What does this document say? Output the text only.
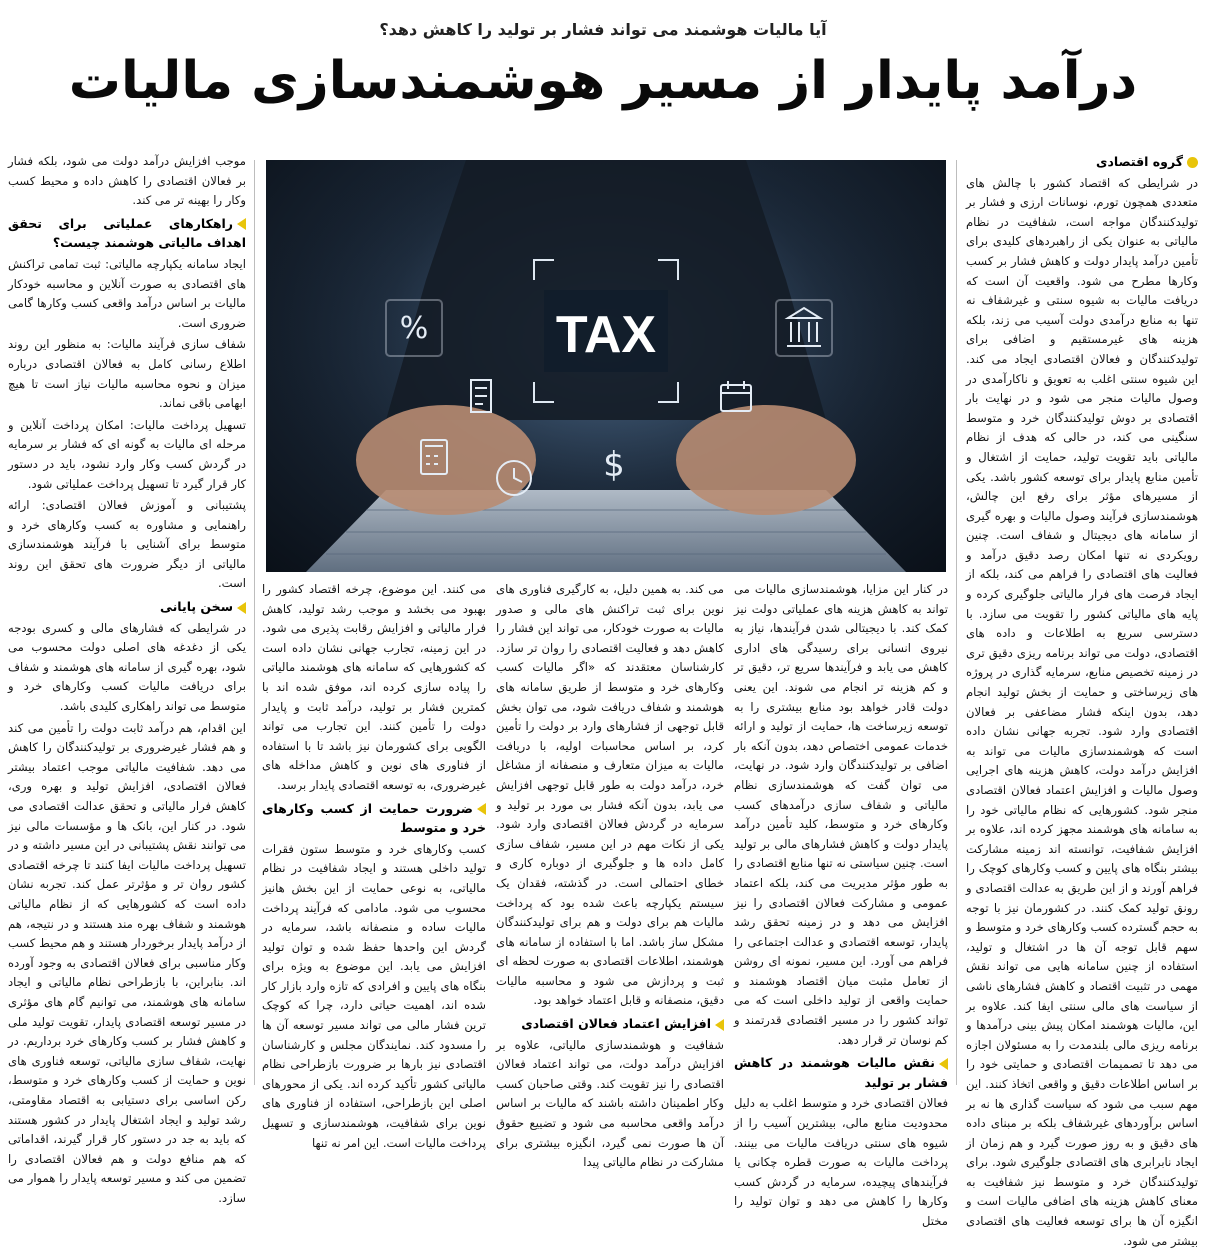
آیا مالیات هوشمند می تواند فشار بر تولید را کاهش دهد؟
درآمد پایدار از مسیر هوشمندسازی مالیات
گروه اقتصادی

در شرایطی که اقتصاد کشور با چالش های متعددی همچون تورم، نوسانات ارزی و فشار بر تولیدکنندگان مواجه است، شفافیت در نظام مالیاتی به عنوان یکی از راهبردهای کلیدی برای تأمین درآمد پایدار دولت و کاهش فشار بر کسب وکارها مطرح می شود. واقعیت آن است که دریافت مالیات به شیوه سنتی و غیرشفاف نه تنها به منابع درآمدی دولت آسیب می زند، بلکه هزینه های غیرمستقیم و اضافی برای تولیدکنندگان و فعالان اقتصادی ایجاد می کند. این شیوه سنتی اغلب به تعویق و ناکارآمدی در وصول مالیات منجر می شود و در نهایت بار اقتصادی بر دوش تولیدکنندگان خرد و متوسط سنگینی می کند، در حالی که هدف از نظام مالیاتی باید تقویت تولید، حمایت از اشتغال و تأمین منابع پایدار برای توسعه کشور باشد. یکی از مسیرهای مؤثر برای رفع این چالش، هوشمندسازی فرآیند وصول مالیات و بهره گیری از سامانه های دیجیتال و شفاف است. چنین رویکردی نه تنها امکان رصد دقیق درآمد و فعالیت های اقتصادی را فراهم می کند، بلکه از ایجاد فرصت های فرار مالیاتی جلوگیری کرده و پایه های مالیاتی کشور را تقویت می سازد. با دسترسی سریع به اطلاعات و داده های اقتصادی، دولت می تواند برنامه ریزی دقیق تری در زمینه تخصیص منابع، سرمایه گذاری در پروژه های زیرساختی و حمایت از بخش تولید انجام دهد، بدون اینکه فشار مضاعفی بر فعالان اقتصادی وارد شود. تجربه جهانی نشان داده است که هوشمندسازی مالیات می تواند به افزایش درآمد دولت، کاهش هزینه های اجرایی وصول مالیات و افزایش اعتماد فعالان اقتصادی منجر شود. کشورهایی که نظام مالیاتی خود را به سامانه های هوشمند مجهز کرده اند، علاوه بر افزایش شفافیت، توانسته اند زمینه مشارکت بیشتر بنگاه های پایین و کسب وکارهای کوچک را فراهم آورند و از این طریق به عدالت اقتصادی و رونق تولید کمک کنند. در کشورمان نیز با توجه به حجم گسترده کسب وکارهای خرد و متوسط و سهم قابل توجه آن ها در اشتغال و تولید، استفاده از چنین سامانه هایی می تواند نقش مهمی در تثبیت اقتصاد و کاهش فشارهای ناشی از سیاست های مالی سنتی ایفا کند. علاوه بر این، مالیات هوشمند امکان پیش بینی درآمدها و برنامه ریزی مالی بلندمدت را به مسئولان اجازه می دهد تا تصمیمات اقتصادی و حمایتی خود را بر اساس اطلاعات دقیق و واقعی اتخاذ کنند. این مهم سبب می شود که سیاست گذاری ها نه بر اساس برآوردهای غیرشفاف بلکه بر مبنای داده های دقیق و به روز صورت گیرد و هم زمان از ایجاد نابرابری های اقتصادی جلوگیری شود. برای تولیدکنندگان خرد و متوسط نیز شفافیت به معنای کاهش هزینه های اضافی مالیات است و انگیزه آن ها برای توسعه فعالیت های اقتصادی بیشتر می شود.

TAX
%
$

در کنار این مزایا، هوشمندسازی مالیات می تواند به کاهش هزینه های عملیاتی دولت نیز کمک کند. با دیجیتالی شدن فرآیندها، نیاز به نیروی انسانی برای رسیدگی های اداری کاهش می یابد و فرآیندها سریع تر، دقیق تر و کم هزینه تر انجام می شوند. این یعنی دولت قادر خواهد بود منابع بیشتری را به توسعه زیرساخت ها، حمایت از تولید و ارائه خدمات عمومی اختصاص دهد، بدون آنکه بار اضافی بر تولیدکنندگان وارد شود. در نهایت، می توان گفت که هوشمندسازی نظام مالیاتی و شفاف سازی درآمدهای کسب وکارهای خرد و متوسط، کلید تأمین درآمد پایدار دولت و کاهش فشارهای مالی بر تولید است. چنین سیاستی نه تنها منابع اقتصادی را به طور مؤثر مدیریت می کند، بلکه اعتماد عمومی و مشارکت فعالان اقتصادی را نیز افزایش می دهد و در زمینه تحقق رشد پایدار، توسعه اقتصادی و عدالت اجتماعی را فراهم می آورد. این مسیر، نمونه ای روشن از تعامل مثبت میان اقتصاد هوشمند و حمایت واقعی از تولید داخلی است که می تواند کشور را در مسیر اقتصادی قدرتمند و کم نوسان تر قرار دهد.

نقش مالیات هوشمند در کاهش فشار بر تولید

فعالان اقتصادی خرد و متوسط اغلب به دلیل محدودیت منابع مالی، بیشترین آسیب را از شیوه های سنتی دریافت مالیات می بینند. پرداخت مالیات به صورت قطره چکانی یا فرآیندهای پیچیده، سرمایه در گردش کسب وکارها را کاهش می دهد و توان تولید را مختل

می کند. به همین دلیل، به کارگیری فناوری های نوین برای ثبت تراکنش های مالی و صدور مالیات به صورت خودکار، می تواند این فشار را کاهش دهد و فعالیت اقتصادی را روان تر سازد. کارشناسان معتقدند که «اگر مالیات کسب وکارهای خرد و متوسط از طریق سامانه های هوشمند و شفاف دریافت شود، می توان بخش قابل توجهی از فشارهای وارد بر دولت را تأمین کرد، بر اساس محاسبات اولیه، با دریافت مالیات به میزان متعارف و منصفانه از مشاغل خرد، درآمد دولت به طور قابل توجهی افزایش می یابد، بدون آنکه فشار بی مورد بر تولید و سرمایه در گردش فعالان اقتصادی وارد شود. یکی از نکات مهم در این مسیر، شفاف سازی کامل داده ها و جلوگیری از دوباره کاری و خطای احتمالی است. در گذشته، فقدان یک سیستم یکپارچه باعث شده بود که پرداخت مالیات هم برای دولت و هم برای تولیدکنندگان مشکل ساز باشد. اما با استفاده از سامانه های هوشمند، اطلاعات اقتصادی به صورت لحظه ای ثبت و پردازش می شود و محاسبه مالیات دقیق، منصفانه و قابل اعتماد خواهد بود.

افزایش اعتماد فعالان اقتصادی

شفافیت و هوشمندسازی مالیاتی، علاوه بر افزایش درآمد دولت، می تواند اعتماد فعالان اقتصادی را نیز تقویت کند. وقتی صاحبان کسب وکار اطمینان داشته باشند که مالیات بر اساس درآمد واقعی محاسبه می شود و تضییع حقوق آن ها صورت نمی گیرد، انگیزه بیشتری برای مشارکت در نظام مالیاتی پیدا

می کنند. این موضوع، چرخه اقتصاد کشور را بهبود می بخشد و موجب رشد تولید، کاهش فرار مالیاتی و افزایش رقابت پذیری می شود. در این زمینه، تجارب جهانی نشان داده است که کشورهایی که سامانه های هوشمند مالیاتی را پیاده سازی کرده اند، موفق شده اند با کمترین فشار بر تولید، درآمد ثابت و پایدار دولت را تأمین کنند. این تجارب می تواند الگویی برای کشورمان نیز باشد تا با استفاده از فناوری های نوین و کاهش مداخله های غیرضروری، به توسعه اقتصادی پایدار برسد.

ضرورت حمایت از کسب وکارهای خرد و متوسط

کسب وکارهای خرد و متوسط ستون فقرات تولید داخلی هستند و ایجاد شفافیت در نظام مالیاتی، به نوعی حمایت از این بخش هانیز محسوب می شود. مادامی که فرآیند پرداخت مالیات ساده و منصفانه باشد، سرمایه در گردش این واحدها حفظ شده و توان تولید افزایش می یابد. این موضوع به ویژه برای بنگاه های پایین و افرادی که تازه وارد بازار کار شده اند، اهمیت حیاتی دارد، چرا که کوچک ترین فشار مالی می تواند مسیر توسعه آن ها را مسدود کند. نمایندگان مجلس و کارشناسان اقتصادی نیز بارها بر ضرورت بازطراحی نظام مالیاتی کشور تأکید کرده اند. یکی از محورهای اصلی این بازطراحی، استفاده از فناوری های نوین برای شفافیت، هوشمندسازی و تسهیل پرداخت مالیات است. این امر نه تنها

موجب افزایش درآمد دولت می شود، بلکه فشار بر فعالان اقتصادی را کاهش داده و محیط کسب وکار را بهینه تر می کند.

راهکارهای عملیاتی برای تحقق اهداف مالیاتی هوشمند چیست؟

ایجاد سامانه یکپارچه مالیاتی: ثبت تمامی تراکنش های اقتصادی به صورت آنلاین و محاسبه خودکار مالیات بر اساس درآمد واقعی کسب وکارها گامی ضروری است.

شفاف سازی فرآیند مالیات: به منظور این روند اطلاع رسانی کامل به فعالان اقتصادی درباره میزان و نحوه محاسبه مالیات نیاز است تا هیچ ابهامی باقی نماند.

تسهیل پرداخت مالیات: امکان پرداخت آنلاین و مرحله ای مالیات به گونه ای که فشار بر سرمایه در گردش کسب وکار وارد نشود، باید در دستور کار قرار گیرد تا تسهیل پرداخت عملیاتی شود.

پشتیبانی و آموزش فعالان اقتصادی: ارائه راهنمایی و مشاوره به کسب وکارهای خرد و متوسط برای آشنایی با فرآیند هوشمندسازی مالیاتی از دیگر ضرورت های تحقق این روند است.

سخن پایانی

در شرایطی که فشارهای مالی و کسری بودجه یکی از دغدغه های اصلی دولت محسوب می شود، بهره گیری از سامانه های هوشمند و شفاف برای دریافت مالیات کسب وکارهای خرد و متوسط می تواند راهکاری کلیدی باشد.

این اقدام، هم درآمد ثابت دولت را تأمین می کند و هم فشار غیرضروری بر تولیدکنندگان را کاهش می دهد. شفافیت مالیاتی موجب اعتماد بیشتر فعالان اقتصادی، افزایش تولید و بهره وری، کاهش فرار مالیاتی و تحقق عدالت اقتصادی می شود. در کنار این، بانک ها و مؤسسات مالی نیز می توانند نقش پشتیبانی در این مسیر داشته و در تسهیل پرداخت مالیات ایفا کنند تا چرخه اقتصادی کشور روان تر و مؤثرتر عمل کند. تجربه نشان داده است که کشورهایی که از نظام مالیاتی هوشمند و شفاف بهره مند هستند و در نتیجه، هم از درآمد پایدار برخوردار هستند و هم محیط کسب وکار مناسبی برای فعالان اقتصادی به وجود آورده اند. بنابراین، با بازطراحی نظام مالیاتی و ایجاد سامانه های هوشمند، می توانیم گام های مؤثری در مسیر توسعه اقتصادی پایدار، تقویت تولید ملی و کاهش فشار بر کسب وکارهای خرد برداریم. در نهایت، شفاف سازی مالیاتی، توسعه فناوری های نوین و حمایت از کسب وکارهای خرد و متوسط، رکن اساسی برای دستیابی به اقتصاد مقاومتی، رشد تولید و ایجاد اشتغال پایدار در کشور هستند که باید به جد در دستور کار قرار گیرند، اقداماتی که هم منافع دولت و هم فعالان اقتصادی را تضمین می کند و مسیر توسعه پایدار را هموار می سازد.
